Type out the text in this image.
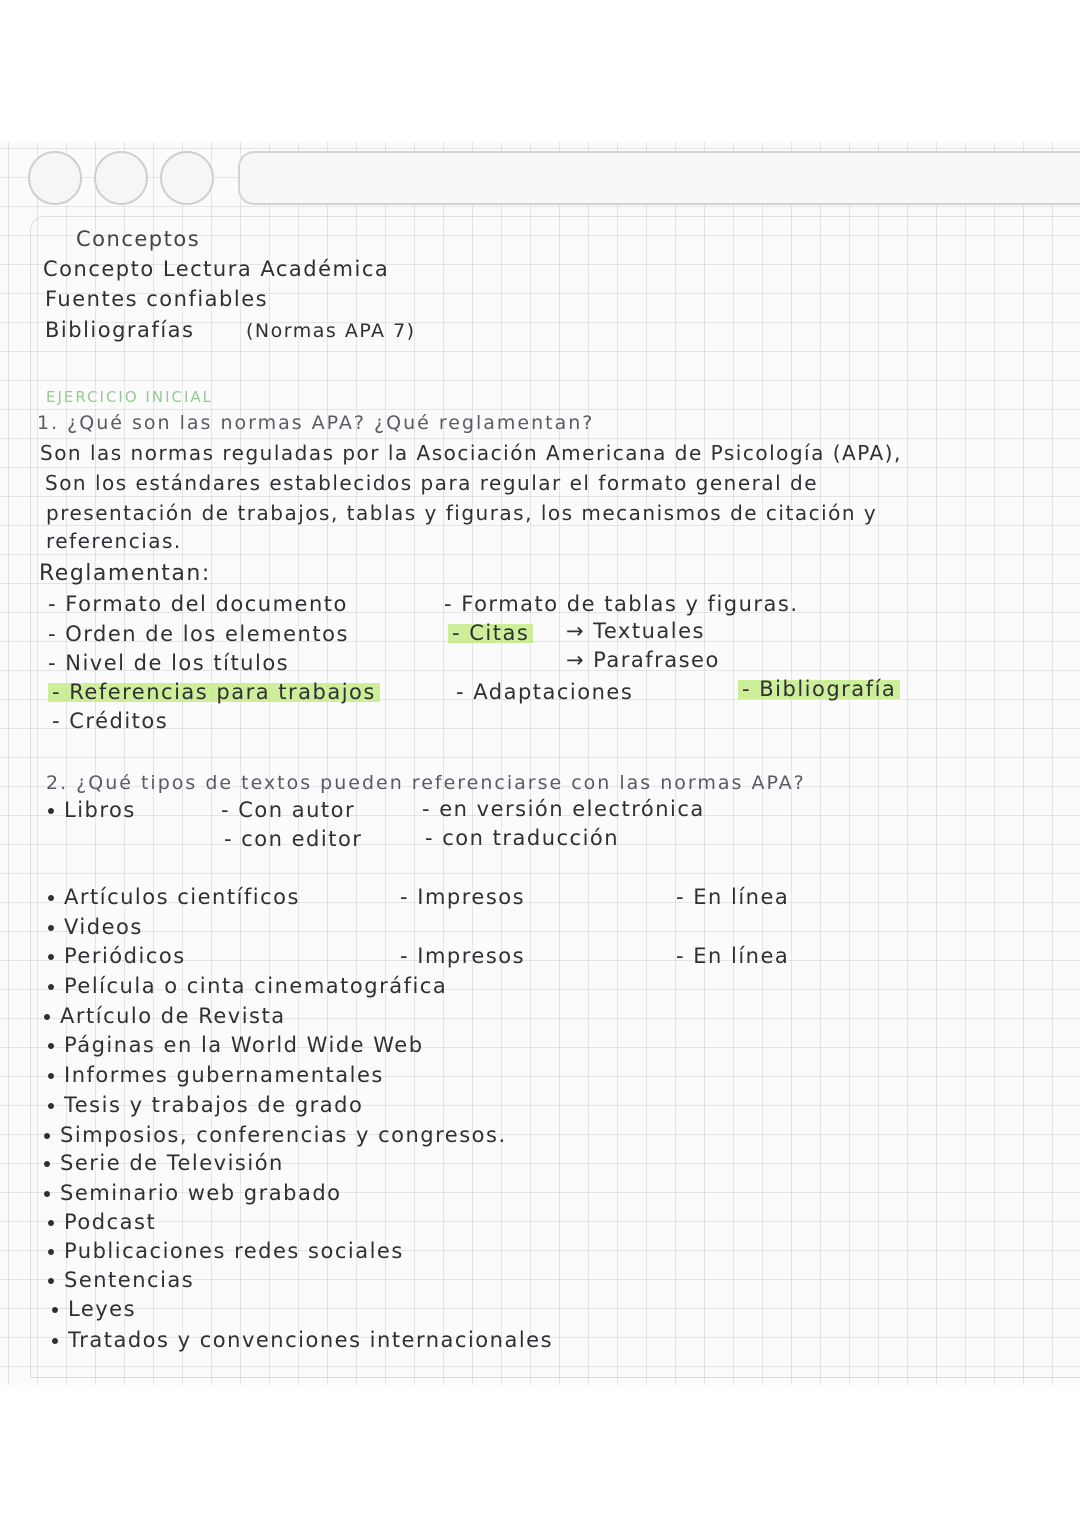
Conceptos
Concepto Lectura Académica
Fuentes confiables
Bibliografías	(Normas APA 7)
EJERCICIO INICIAL
1. ¿Qué son las normas APA? ¿Qué reglamentan?
Son las normas reguladas por la Asociación Americana de Psicología (APA),
Son los estándares establecidos para regular el formato general de
presentación de trabajos, tablas y figuras, los mecanismos de citación y
referencias.
Reglamentan:
- Formato del documento
- Orden de los elementos
- Nivel de los títulos
- Referencias para trabajos
- Créditos
- Formato de tablas y figuras.
- Citas → Textuales
→ Parafraseo
- Adaptaciones	- Bibliografía
2. ¿Qué tipos de textos pueden referenciarse con las normas APA?
Libros	- Con autor
- con editor
- en versión electrónica
- con traducción
Artículos científicos	- Impresos	- En línea
Videos
Periódicos	- Impresos	- En línea
Película o cinta cinematográfica
Artículo de Revista
Páginas en la World Wide Web
Informes gubernamentales
Tesis y trabajos de grado
Simposios, conferencias y congresos.
Serie de Televisión
Seminario web grabado
Podcast
Publicaciones redes sociales
Sentencias
Leyes
Tratados y convenciones internacionales
